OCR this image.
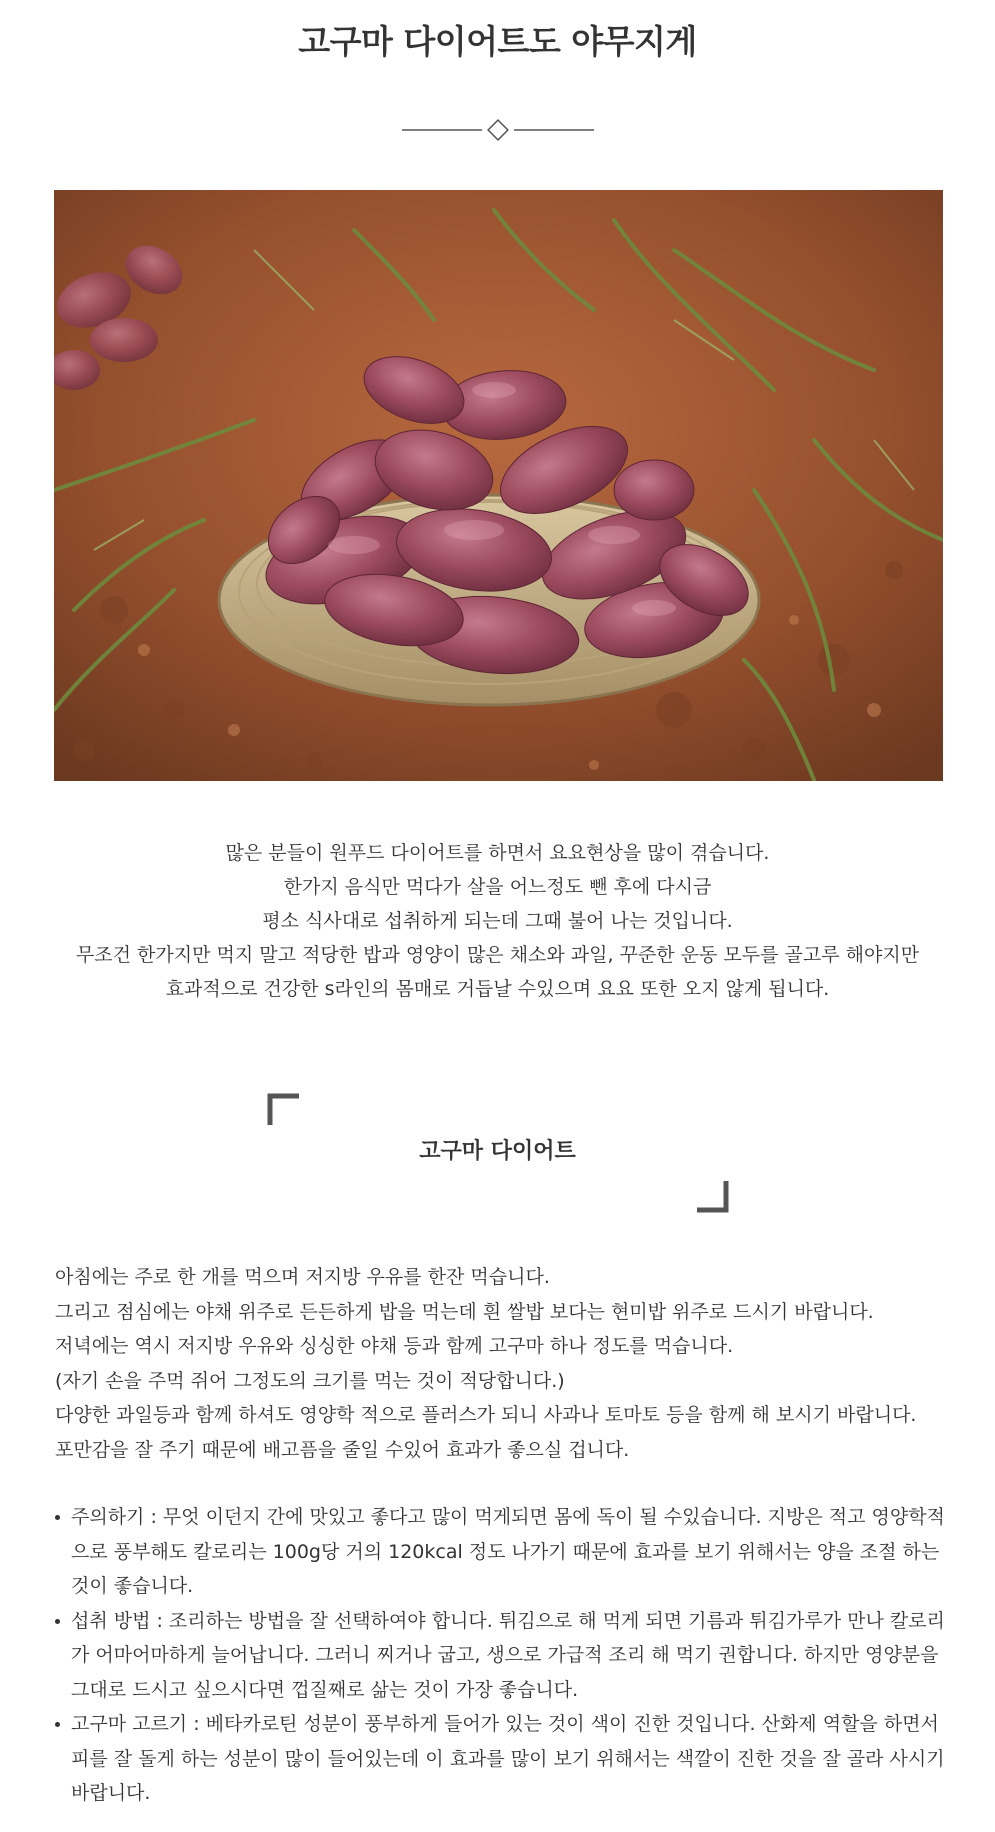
고구마 다이어트도 야무지게

많은 분들이 원푸드 다이어트를 하면서 요요현상을 많이 겪습니다.

한가지 음식만 먹다가 살을 어느정도 뺀 후에 다시금

평소 식사대로 섭취하게 되는데 그때 불어 나는 것입니다.

무조건 한가지만 먹지 말고 적당한 밥과 영양이 많은 채소와 과일, 꾸준한 운동 모두를 골고루 해야지만

효과적으로 건강한 s라인의 몸매로 거듭날 수있으며 요요 또한 오지 않게 됩니다.

고구마 다이어트

아침에는 주로 한 개를 먹으며 저지방 우유를 한잔 먹습니다.

그리고 점심에는 야채 위주로 든든하게 밥을 먹는데 흰 쌀밥 보다는 현미밥 위주로 드시기 바랍니다.

저녁에는 역시 저지방 우유와 싱싱한 야채 등과 함께 고구마 하나 정도를 먹습니다.

(자기 손을 주먹 쥐어 그정도의 크기를 먹는 것이 적당합니다.)

다양한 과일등과 함께 하셔도 영양학 적으로 플러스가 되니 사과나 토마토 등을 함께 해 보시기 바랍니다.

포만감을 잘 주기 때문에 배고픔을 줄일 수있어 효과가 좋으실 겁니다.

주의하기 : 무엇 이던지 간에 맛있고 좋다고 많이 먹게되면 몸에 독이 될 수있습니다. 지방은 적고 영양학적으로 풍부해도 칼로리는 100g당 거의 120kcal 정도 나가기 때문에 효과를 보기 위해서는 양을 조절 하는 것이 좋습니다.
섭취 방법 : 조리하는 방법을 잘 선택하여야 합니다. 튀김으로 해 먹게 되면 기름과 튀김가루가 만나 칼로리가 어마어마하게 늘어납니다. 그러니 찌거나 굽고, 생으로 가급적 조리 해 먹기 권합니다. 하지만 영양분을 그대로 드시고 싶으시다면 껍질째로 삶는 것이 가장 좋습니다.
고구마 고르기 : 베타카로틴 성분이 풍부하게 들어가 있는 것이 색이 진한 것입니다. 산화제 역할을 하면서 피를 잘 돌게 하는 성분이 많이 들어있는데 이 효과를 많이 보기 위해서는 색깔이 진한 것을 잘 골라 사시기 바랍니다.
